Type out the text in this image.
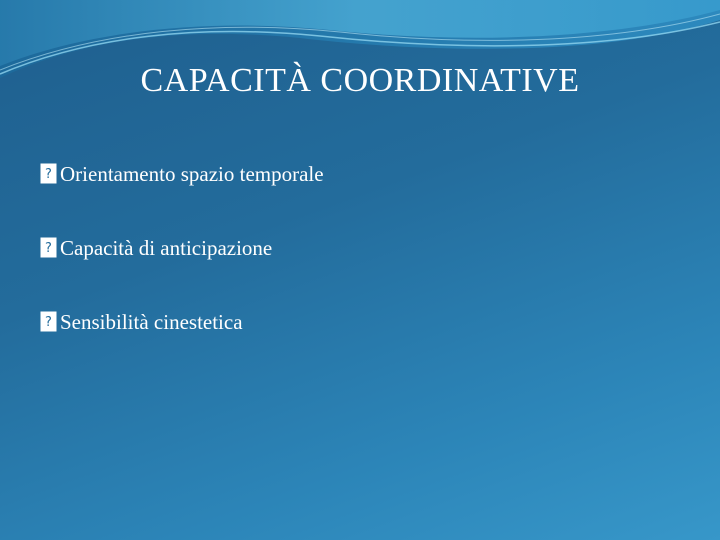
CAPACITÀ COORDINATIVE
? Orientamento spazio temporale
? Capacità di anticipazione
? Sensibilità cinestetica
